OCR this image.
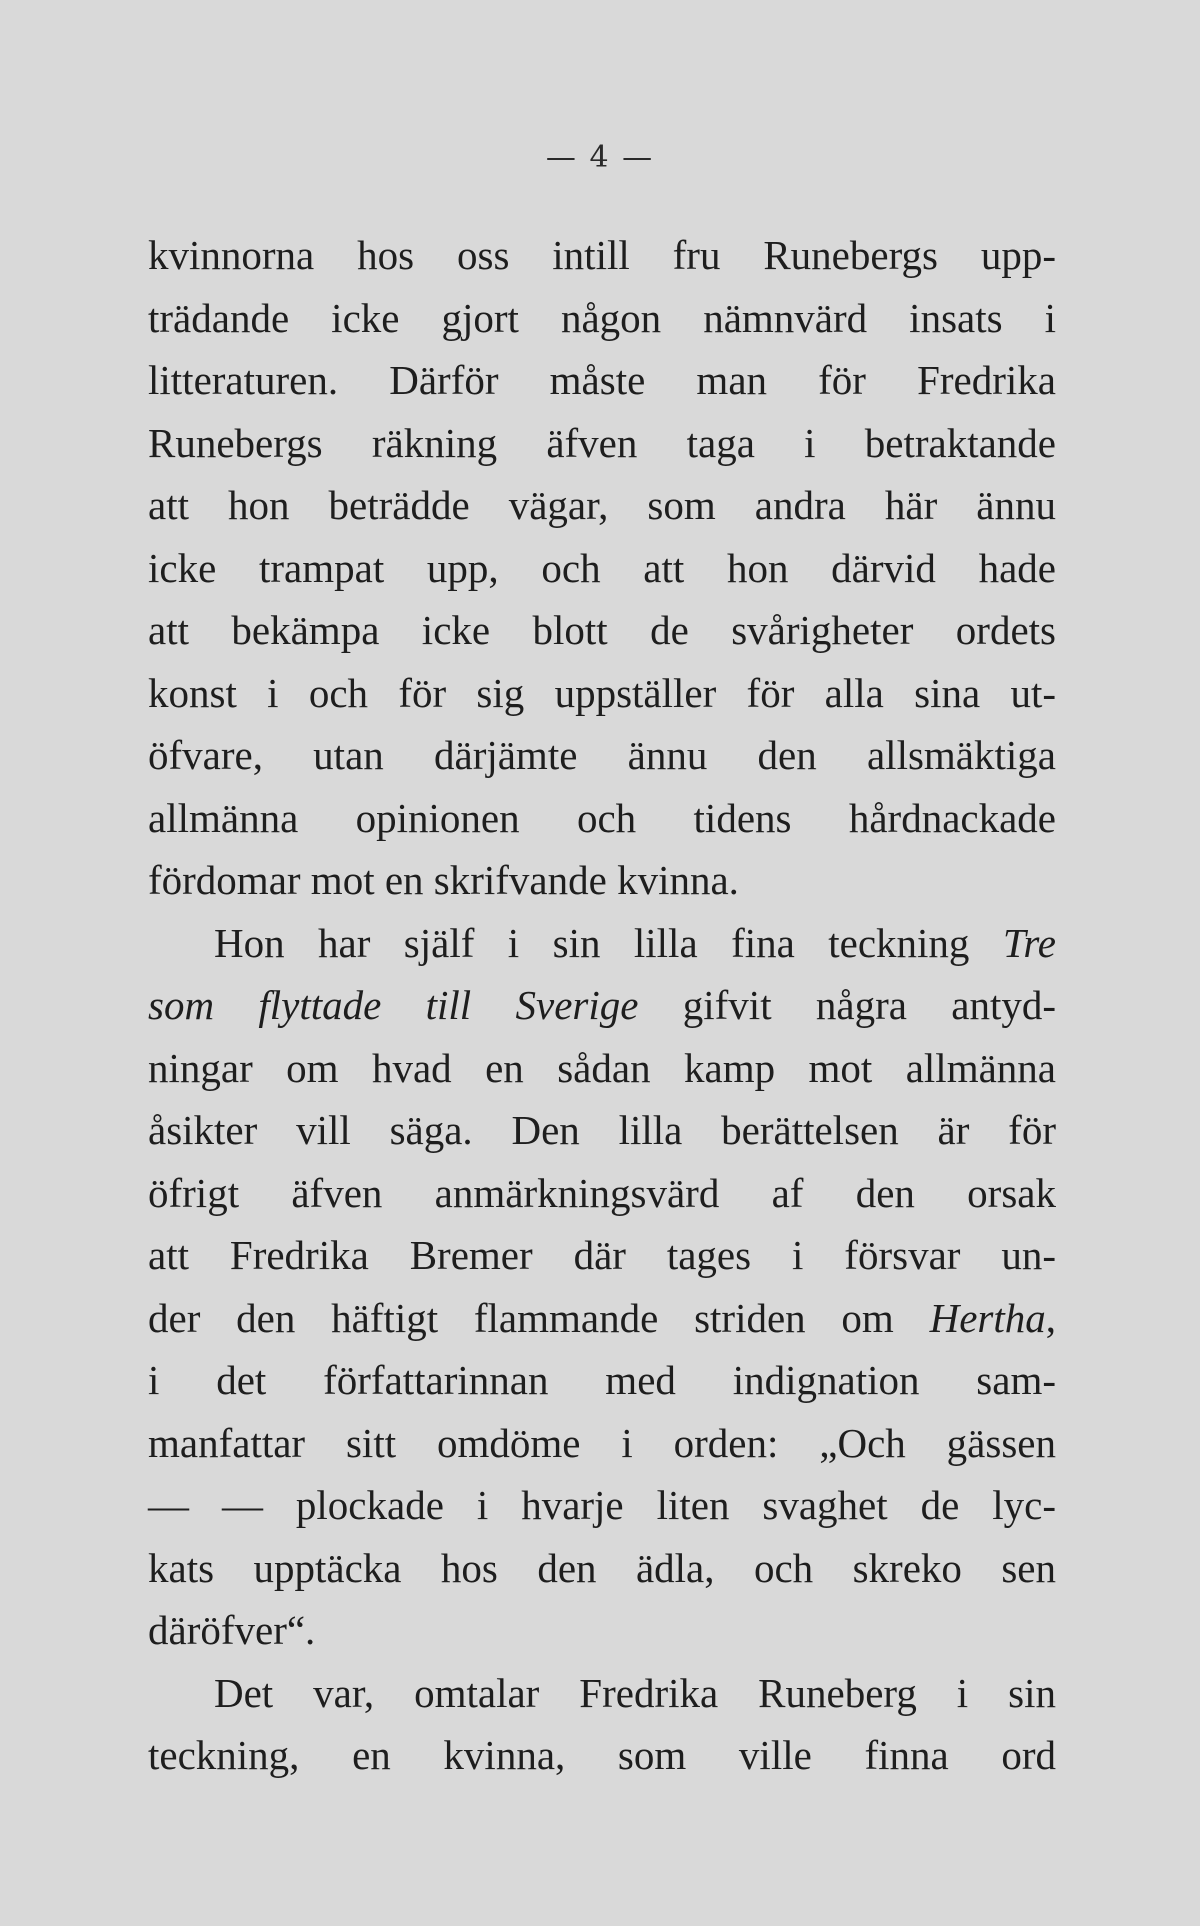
— 4 —
kvinnorna hos oss intill fru Runebergs upp-
trädande icke gjort någon nämnvärd insats i
litteraturen. Därför måste man för Fredrika
Runebergs räkning äfven taga i betraktande
att hon beträdde vägar, som andra här ännu
icke trampat upp, och att hon därvid hade
att bekämpa icke blott de svårigheter ordets
konst i och för sig uppställer för alla sina ut-
öfvare, utan därjämte ännu den allsmäktiga
allmänna opinionen och tidens hårdnackade
fördomar mot en skrifvande kvinna.
Hon har själf i sin lilla fina teckning Tre
som flyttade till Sverige gifvit några antyd-
ningar om hvad en sådan kamp mot allmänna
åsikter vill säga. Den lilla berättelsen är för
öfrigt äfven anmärkningsvärd af den orsak
att Fredrika Bremer där tages i försvar un-
der den häftigt flammande striden om Hertha,
i det författarinnan med indignation sam-
manfattar sitt omdöme i orden: „Och gässen
— — plockade i hvarje liten svaghet de lyc-
kats upptäcka hos den ädla, och skreko sen
däröfver“.
Det var, omtalar Fredrika Runeberg i sin
teckning, en kvinna, som ville finna ord
